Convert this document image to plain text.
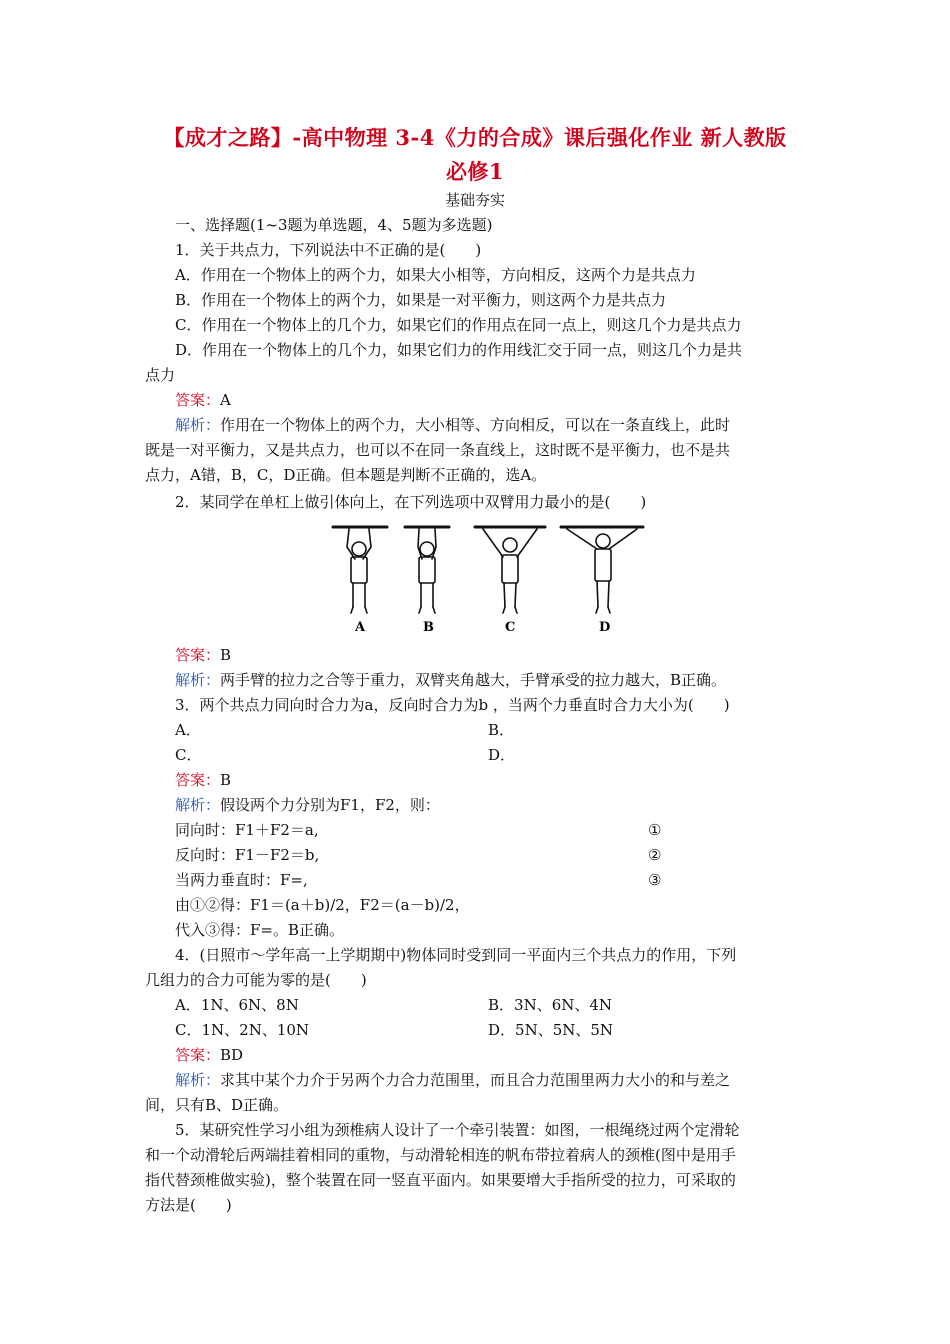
【成才之路】-高中物理 3-4《力的合成》课后强化作业 新人教版
必修1
基础夯实
一、选择题(1~3题为单选题，4、5题为多选题)
1．关于共点力，下列说法中不正确的是(　　)
A．作用在一个物体上的两个力，如果大小相等，方向相反，这两个力是共点力
B．作用在一个物体上的两个力，如果是一对平衡力，则这两个力是共点力
C．作用在一个物体上的几个力，如果它们的作用点在同一点上，则这几个力是共点力
D．作用在一个物体上的几个力，如果它们力的作用线汇交于同一点，则这几个力是共
点力
答案：A
解析：作用在一个物体上的两个力，大小相等、方向相反，可以在一条直线上，此时
既是一对平衡力，又是共点力，也可以不在同一条直线上，这时既不是平衡力，也不是共
点力，A错，B，C，D正确。但本题是判断不正确的，选A。
2．某同学在单杠上做引体向上，在下列选项中双臂用力最小的是(　　)
A	B	C	D
答案：B
解析：两手臂的拉力之合等于重力，双臂夹角越大，手臂承受的拉力越大，B正确。
3．两个共点力同向时合力为a，反向时合力为b ，当两个力垂直时合力大小为(　　)
A．	B．
C．	D．
答案：B
解析：假设两个力分别为F1，F2，则：
同向时：F1＋F2＝a,	①
反向时：F1－F2＝b,	②
当两力垂直时：F=,	③
由①②得：F1＝(a＋b)/2，F2＝(a－b)/2，
代入③得：F=。B正确。
4．(日照市～学年高一上学期期中)物体同时受到同一平面内三个共点力的作用，下列
几组力的合力可能为零的是(　　)
A．1N、6N、8N	B．3N、6N、4N
C．1N、2N、10N	D．5N、5N、5N
答案：BD
解析：求其中某个力介于另两个力合力范围里，而且合力范围里两力大小的和与差之
间，只有B、D正确。
5．某研究性学习小组为颈椎病人设计了一个牵引装置：如图，一根绳绕过两个定滑轮
和一个动滑轮后两端挂着相同的重物，与动滑轮相连的帆布带拉着病人的颈椎(图中是用手
指代替颈椎做实验)，整个装置在同一竖直平面内。如果要增大手指所受的拉力，可采取的
方法是(　　)
